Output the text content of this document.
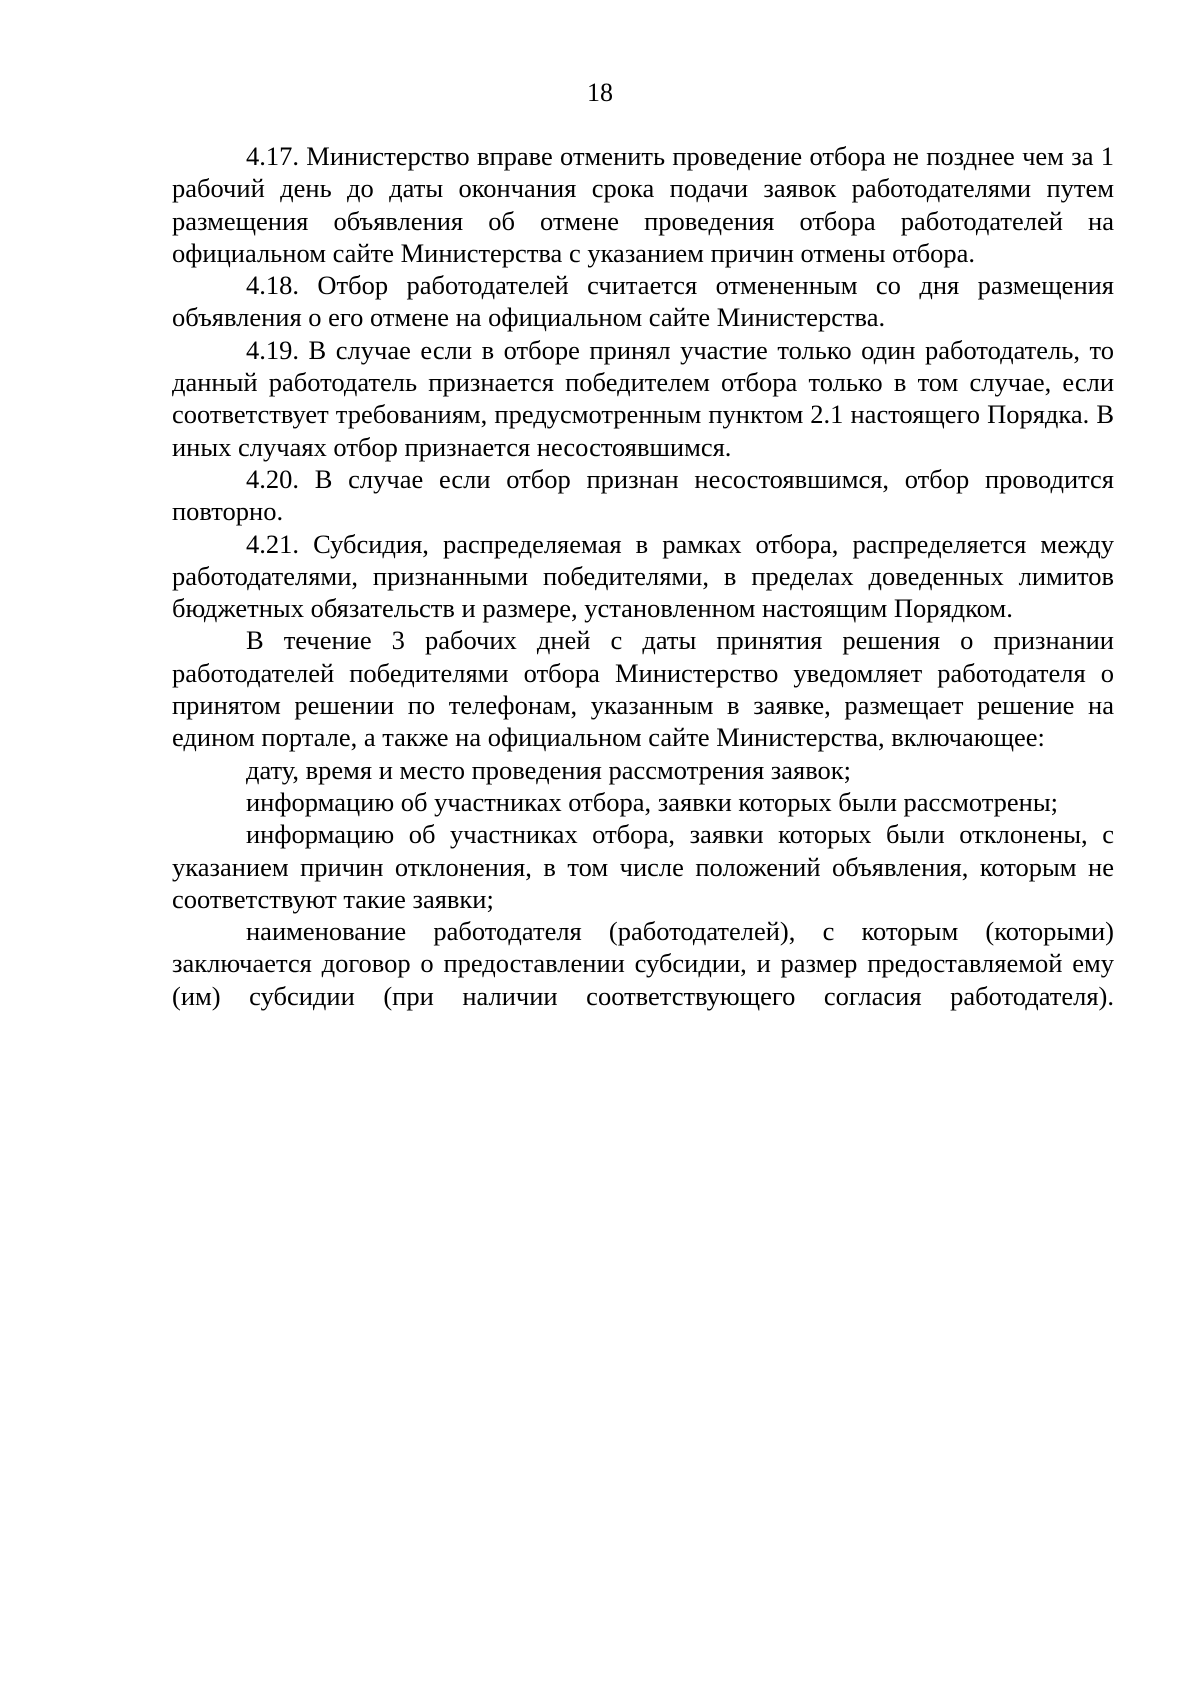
18

4.17. Министерство вправе отменить проведение отбора не позднее чем за 1 рабочий день до даты окончания срока подачи заявок работодателями путем размещения объявления об отмене проведения отбора работодателей на официальном сайте Министерства с указанием причин отмены отбора.

4.18. Отбор работодателей считается отмененным со дня размещения объявления о его отмене на официальном сайте Министерства.

4.19. В случае если в отборе принял участие только один работодатель, то данный работодатель признается победителем отбора только в том случае, если соответствует требованиям, предусмотренным пунктом 2.1 настоящего Порядка. В иных случаях отбор признается несостоявшимся.

4.20. В случае если отбор признан несостоявшимся, отбор проводится повторно.

4.21. Субсидия, распределяемая в рамках отбора, распределяется между работодателями, признанными победителями, в пределах доведенных лимитов бюджетных обязательств и размере, установленном настоящим Порядком.

В течение 3 рабочих дней с даты принятия решения о признании работодателей победителями отбора Министерство уведомляет работодателя о принятом решении по телефонам, указанным в заявке, размещает решение на едином портале, а также на официальном сайте Министерства, включающее:

дату, время и место проведения рассмотрения заявок;

информацию об участниках отбора, заявки которых были рассмотрены;

информацию об участниках отбора, заявки которых были отклонены, с указанием причин отклонения, в том числе положений объявления, которым не соответствуют такие заявки;

наименование работодателя (работодателей), с которым (которыми) заключается договор о предоставлении субсидии, и размер предоставляемой ему (им) субсидии (при наличии соответствующего согласия работодателя).
